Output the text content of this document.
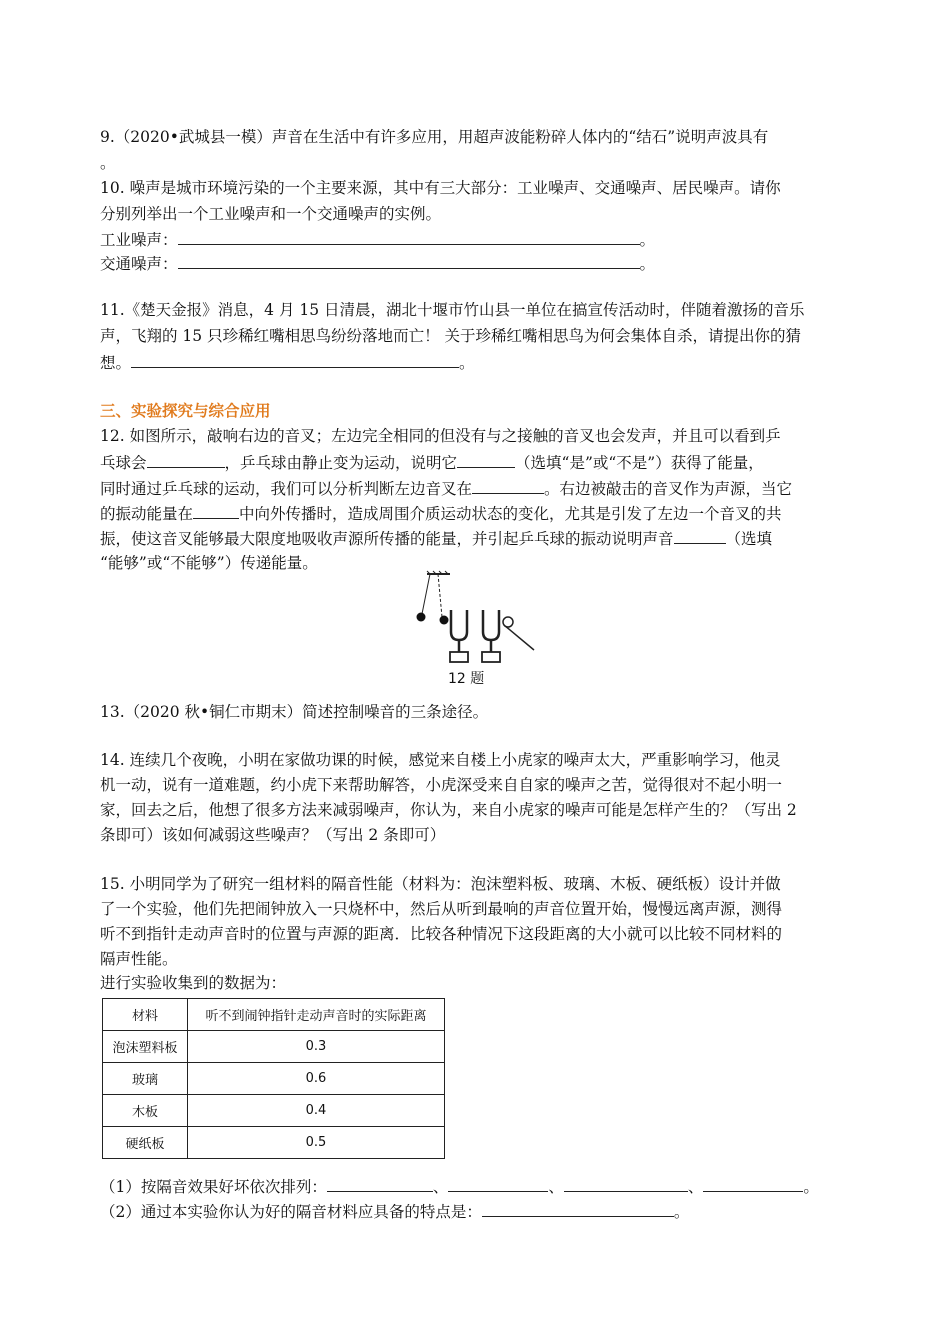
9.（2020•武城县一模）声音在生活中有许多应用，用超声波能粉碎人体内的“结石”说明声波具有

。

10. 噪声是城市环境污染的一个主要来源，其中有三大部分：工业噪声、交通噪声、居民噪声。请你

分别列举出一个工业噪声和一个交通噪声的实例。

工业噪声：	。

交通噪声：	。

11.《楚天金报》消息，4 月 15 日清晨，湖北十堰市竹山县一单位在搞宣传活动时，伴随着激扬的音乐

声，飞翔的 15 只珍稀红嘴相思鸟纷纷落地而亡！ 关于珍稀红嘴相思鸟为何会集体自杀，请提出你的猜

想。	。

三、实验探究与综合应用

12. 如图所示，敲响右边的音叉；左边完全相同的但没有与之接触的音叉也会发声，并且可以看到乒

乓球会	，乒乓球由静止变为运动，说明它	（选填“是”或“不是”）获得了能量，

同时通过乒乓球的运动，我们可以分析判断左边音叉在	。右边被敲击的音叉作为声源，当它

的振动能量在	中向外传播时，造成周围介质运动状态的变化，尤其是引发了左边一个音叉的共

振，使这音叉能够最大限度地吸收声源所传播的能量，并引起乒乓球的振动说明声音	（选填

“能够”或“不能够”）传递能量。

12 题

13.（2020 秋•铜仁市期末）简述控制噪音的三条途径。

14. 连续几个夜晚，小明在家做功课的时候，感觉来自楼上小虎家的噪声太大，严重影响学习，他灵

机一动，说有一道难题，约小虎下来帮助解答，小虎深受来自自家的噪声之苦，觉得很对不起小明一

家，回去之后，他想了很多方法来减弱噪声，你认为，来自小虎家的噪声可能是怎样产生的？（写出 2

条即可）该如何减弱这些噪声？（写出 2 条即可）

15. 小明同学为了研究一组材料的隔音性能（材料为：泡沫塑料板、玻璃、木板、硬纸板）设计并做

了一个实验，他们先把闹钟放入一只烧杯中，然后从听到最响的声音位置开始，慢慢远离声源，测得

听不到指针走动声音时的位置与声源的距离．比较各种情况下这段距离的大小就可以比较不同材料的

隔声性能。

进行实验收集到的数据为：

材料	听不到闹钟指针走动声音时的实际距离
泡沫塑料板	0.3
玻璃	0.6
木板	0.4
硬纸板	0.5

（1）按隔音效果好坏依次排列：	、	、	、	。

（2）通过本实验你认为好的隔音材料应具备的特点是：	。
